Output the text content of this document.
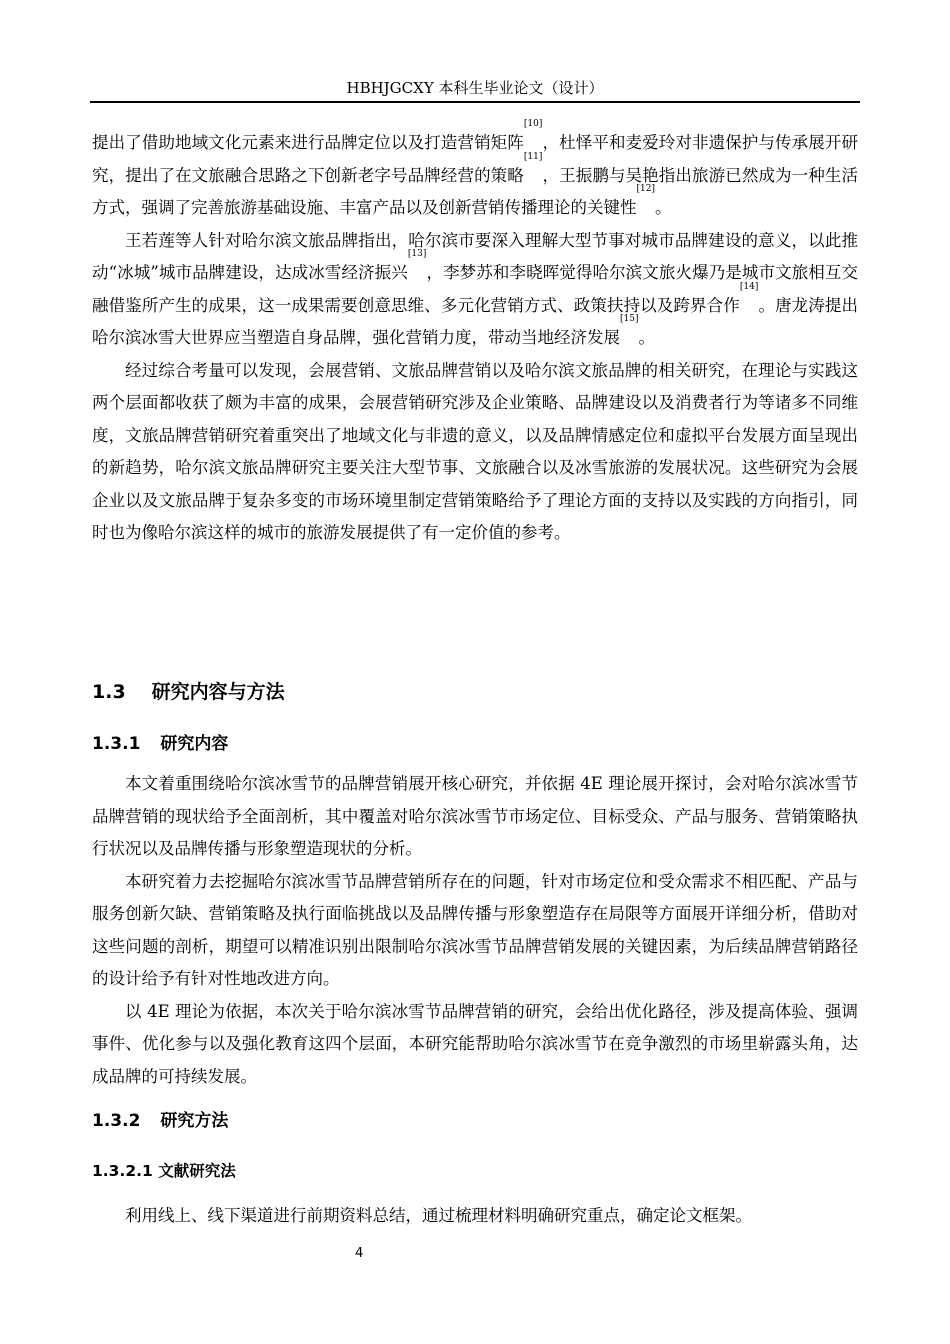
HBHJGCXY 本科生毕业论文（设计）

提出了借助地域文化元素来进行品牌定位以及打造营销矩阵[10]，杜怿平和麦爱玲对非遗保护与传承展开研究，提出了在文旅融合思路之下创新老字号品牌经营的策略[11]，王振鹏与吴艳指出旅游已然成为一种生活方式，强调了完善旅游基础设施、丰富产品以及创新营销传播理论的关键性[12]。

王若莲等人针对哈尔滨文旅品牌指出，哈尔滨市要深入理解大型节事对城市品牌建设的意义，以此推动“冰城”城市品牌建设，达成冰雪经济振兴[13]，李梦苏和李晓晖觉得哈尔滨文旅火爆乃是城市文旅相互交融借鉴所产生的成果，这一成果需要创意思维、多元化营销方式、政策扶持以及跨界合作[14]。唐龙涛提出哈尔滨冰雪大世界应当塑造自身品牌，强化营销力度，带动当地经济发展[15]。

经过综合考量可以发现，会展营销、文旅品牌营销以及哈尔滨文旅品牌的相关研究，在理论与实践这两个层面都收获了颇为丰富的成果，会展营销研究涉及企业策略、品牌建设以及消费者行为等诸多不同维度，文旅品牌营销研究着重突出了地域文化与非遗的意义，以及品牌情感定位和虚拟平台发展方面呈现出的新趋势，哈尔滨文旅品牌研究主要关注大型节事、文旅融合以及冰雪旅游的发展状况。这些研究为会展企业以及文旅品牌于复杂多变的市场环境里制定营销策略给予了理论方面的支持以及实践的方向指引，同时也为像哈尔滨这样的城市的旅游发展提供了有一定价值的参考。

1.3 研究内容与方法
1.3.1 研究内容

本文着重围绕哈尔滨冰雪节的品牌营销展开核心研究，并依据 4E 理论展开探讨，会对哈尔滨冰雪节品牌营销的现状给予全面剖析，其中覆盖对哈尔滨冰雪节市场定位、目标受众、产品与服务、营销策略执行状况以及品牌传播与形象塑造现状的分析。

本研究着力去挖掘哈尔滨冰雪节品牌营销所存在的问题，针对市场定位和受众需求不相匹配、产品与服务创新欠缺、营销策略及执行面临挑战以及品牌传播与形象塑造存在局限等方面展开详细分析，借助对这些问题的剖析，期望可以精准识别出限制哈尔滨冰雪节品牌营销发展的关键因素，为后续品牌营销路径的设计给予有针对性地改进方向。

以 4E 理论为依据，本次关于哈尔滨冰雪节品牌营销的研究，会给出优化路径，涉及提高体验、强调事件、优化参与以及强化教育这四个层面，本研究能帮助哈尔滨冰雪节在竞争激烈的市场里崭露头角，达成品牌的可持续发展。

1.3.2 研究方法
1.3.2.1 文献研究法

利用线上、线下渠道进行前期资料总结，通过梳理材料明确研究重点，确定论文框架。

4
